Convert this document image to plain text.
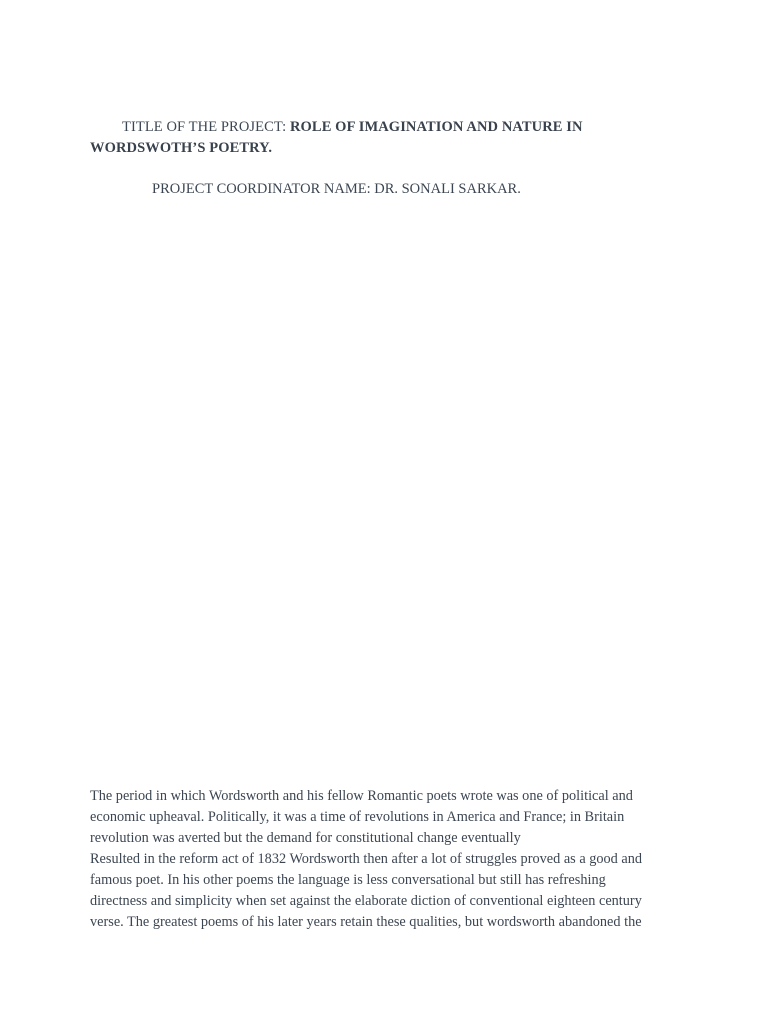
TITLE OF THE PROJECT: ROLE OF IMAGINATION AND NATURE IN
WORDSWOTH’S POETRY.
PROJECT COORDINATOR NAME: DR. SONALI SARKAR.
The period in which Wordsworth and his fellow Romantic poets wrote was one of political and
economic upheaval. Politically, it was a time of revolutions in America and France; in Britain
revolution was averted but the demand for constitutional change eventually
Resulted in the reform act of 1832 Wordsworth then after a lot of struggles proved as a good and
famous poet. In his other poems the language is less conversational but still has refreshing
directness and simplicity when set against the elaborate diction of conventional eighteen century
verse. The greatest poems of his later years retain these qualities, but wordsworth abandoned the
